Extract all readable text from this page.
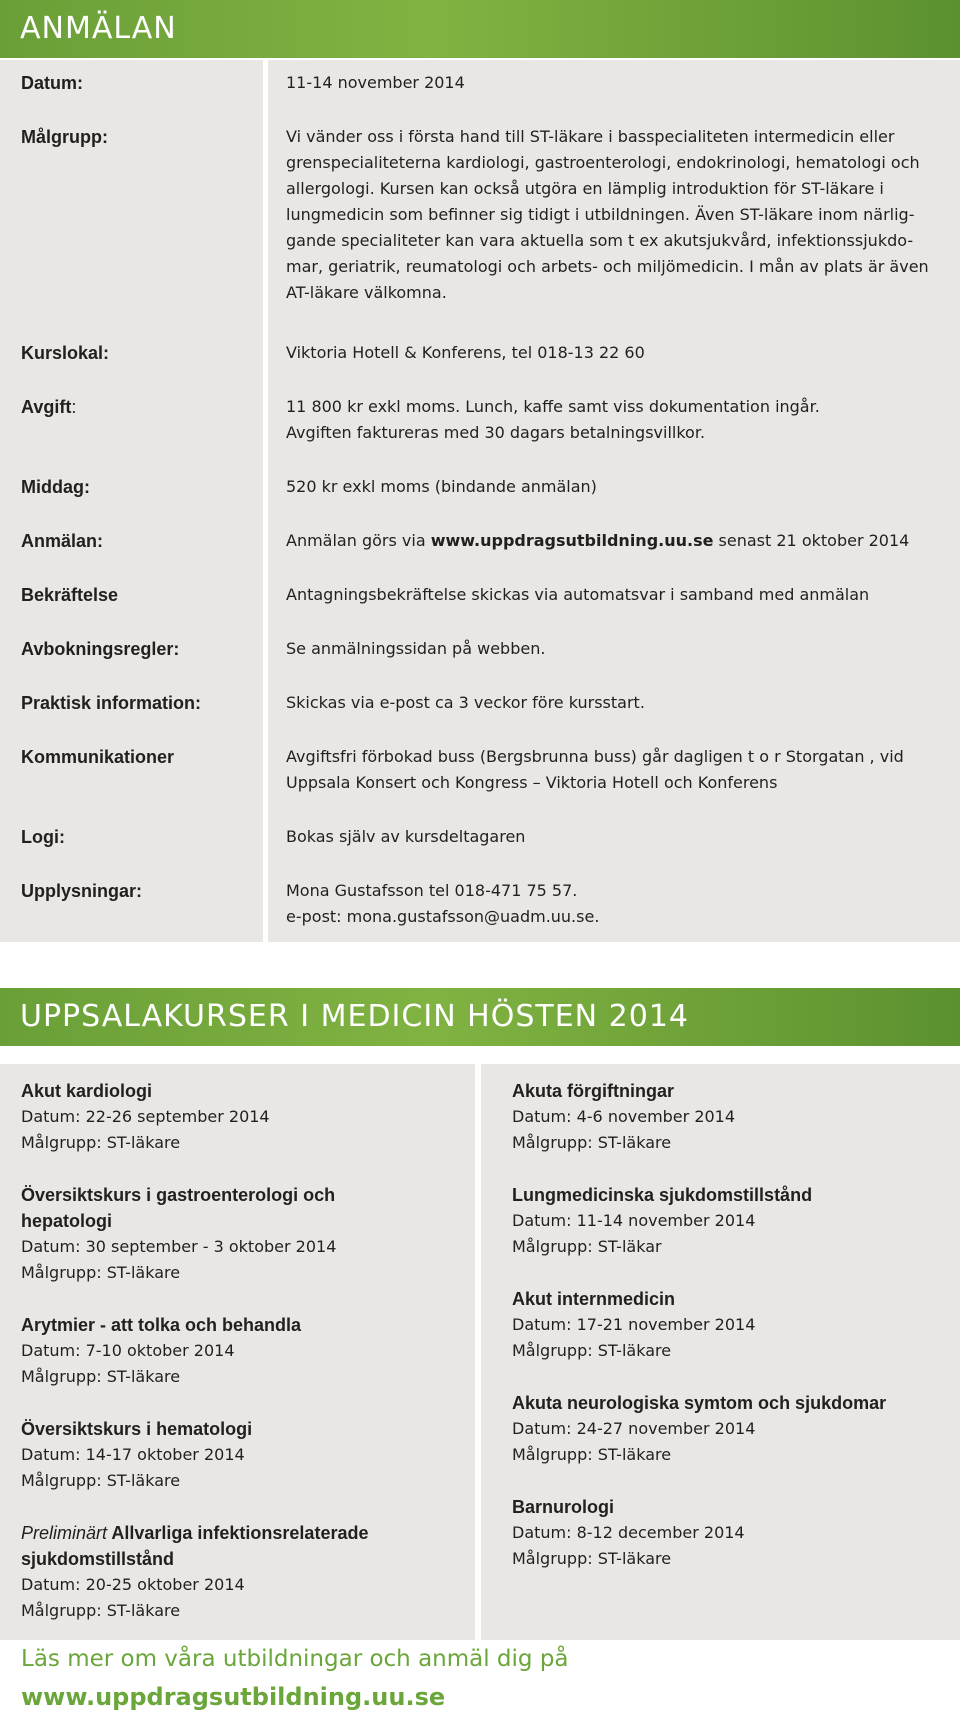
ANMÄLAN
Datum:	11-14 november 2014
Målgrupp:	Vi vänder oss i första hand till ST-läkare i basspecialiteten intermedicin eller
grenspecialiteterna kardiologi, gastroenterologi, endokrinologi, hematologi och
allergologi. Kursen kan också utgöra en lämplig introduktion för ST-läkare i
lungmedicin som befinner sig tidigt i utbildningen. Även ST-läkare inom närlig-
gande specialiteter kan vara aktuella som t ex akutsjukvård, infektionssjukdo-
mar, geriatrik, reumatologi och arbets- och miljömedicin. I mån av plats är även
AT-läkare välkomna.
Kurslokal:	Viktoria Hotell & Konferens, tel 018-13 22 60
Avgift:	11 800 kr exkl moms. Lunch, kaffe samt viss dokumentation ingår.
Avgiften faktureras med 30 dagars betalningsvillkor.
Middag:	520 kr exkl moms (bindande anmälan)
Anmälan:	Anmälan görs via www.uppdragsutbildning.uu.se senast 21 oktober 2014
Bekräftelse	Antagningsbekräftelse skickas via automatsvar i samband med anmälan
Avbokningsregler:	Se anmälningssidan på webben.
Praktisk information:	Skickas via e-post ca 3 veckor före kursstart.
Kommunikationer	Avgiftsfri förbokad buss (Bergsbrunna buss) går dagligen t o r Storgatan , vid
Uppsala Konsert och Kongress – Viktoria Hotell och Konferens
Logi:	Bokas själv av kursdeltagaren
Upplysningar:	Mona Gustafsson tel 018-471 75 57.
e-post: mona.gustafsson@uadm.uu.se.
UPPSALAKURSER I MEDICIN HÖSTEN 2014
Akut kardiologi
Datum: 22-26 september 2014
Målgrupp: ST-läkare
Översiktskurs i gastroenterologi och
hepatologi
Datum: 30 september - 3 oktober 2014
Målgrupp: ST-läkare
Arytmier - att tolka och behandla
Datum: 7-10 oktober 2014
Målgrupp: ST-läkare
Översiktskurs i hematologi
Datum: 14-17 oktober 2014
Målgrupp: ST-läkare
Preliminärt Allvarliga infektionsrelaterade
sjukdomstillstånd
Datum: 20-25 oktober 2014
Målgrupp: ST-läkare
Akuta förgiftningar
Datum: 4-6 november 2014
Målgrupp: ST-läkare
Lungmedicinska sjukdomstillstånd
Datum: 11-14 november 2014
Målgrupp: ST-läkar
Akut internmedicin
Datum: 17-21 november 2014
Målgrupp: ST-läkare
Akuta neurologiska symtom och sjukdomar
Datum: 24-27 november 2014
Målgrupp: ST-läkare
Barnurologi
Datum: 8-12 december 2014
Målgrupp: ST-läkare
Läs mer om våra utbildningar och anmäl dig på
www.uppdragsutbildning.uu.se
